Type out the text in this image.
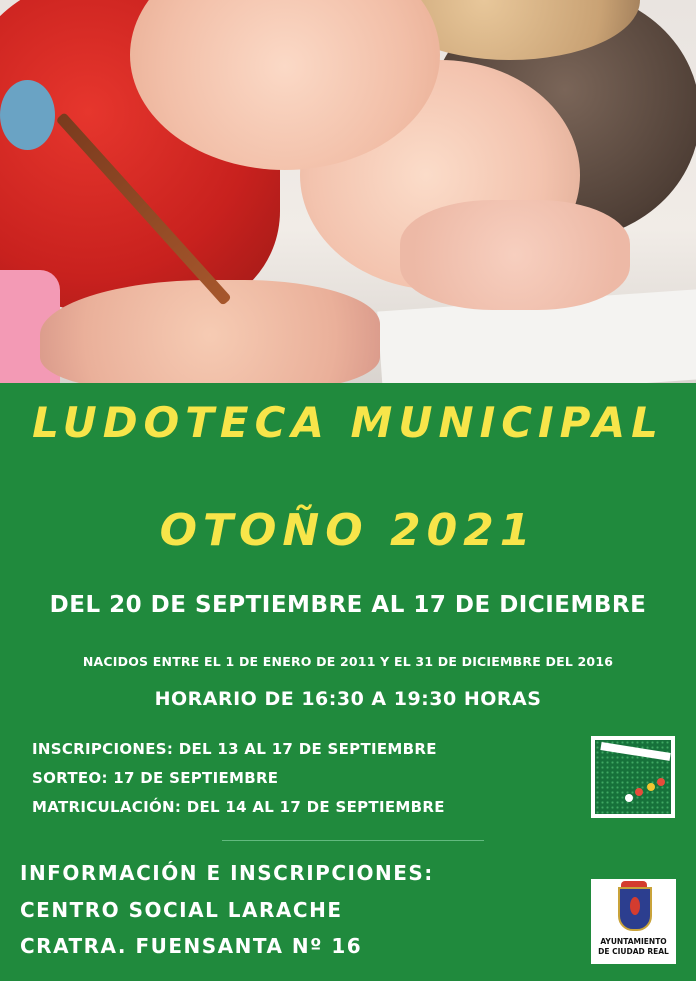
LUDOTECA MUNICIPAL
OTOÑO 2021
DEL 20 DE SEPTIEMBRE AL 17 DE DICIEMBRE
NACIDOS ENTRE EL 1 DE ENERO DE 2011 Y EL 31 DE DICIEMBRE DEL 2016
HORARIO DE 16:30 A 19:30 HORAS
INSCRIPCIONES: DEL 13 AL 17 DE SEPTIEMBRE
SORTEO: 17 DE SEPTIEMBRE
MATRICULACIÓN: DEL 14 AL 17 DE SEPTIEMBRE
INFORMACIÓN E INSCRIPCIONES:
CENTRO SOCIAL LARACHE
CRATRA. FUENSANTA Nº 16	AYUNTAMIENTO
DE CIUDAD REAL
